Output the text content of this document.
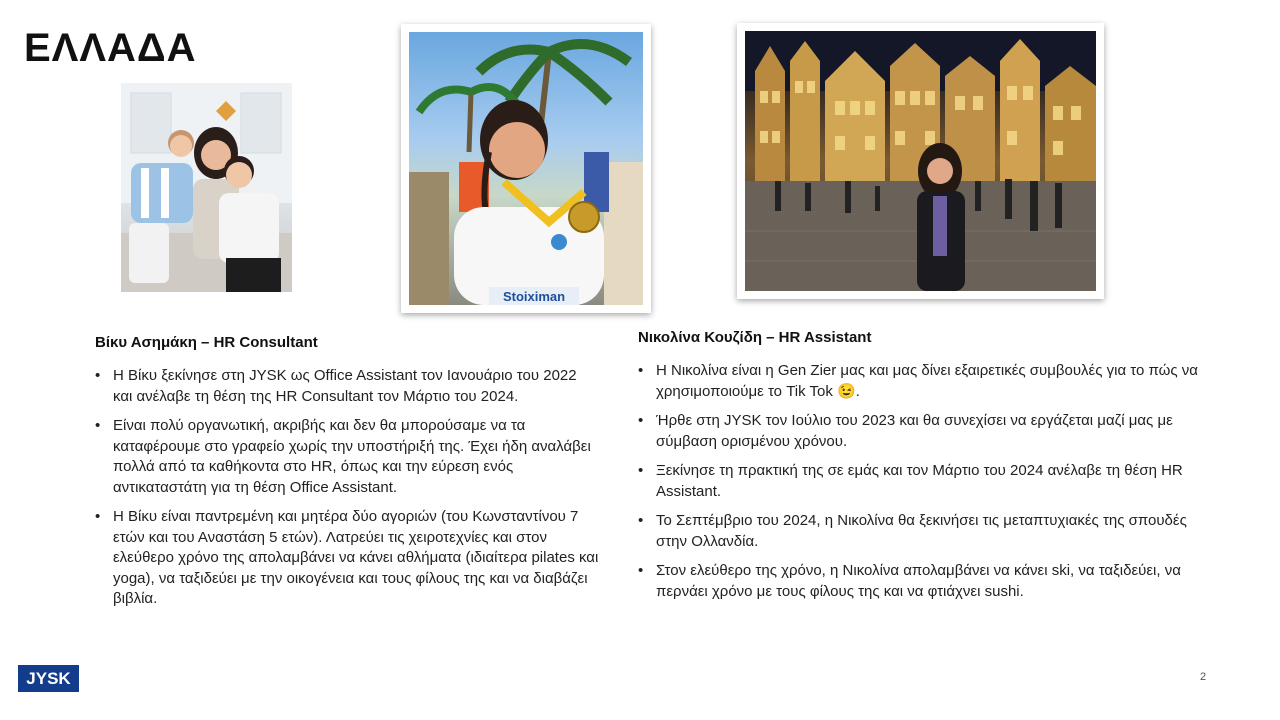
ΕΛΛΑΔΑ
Stoiximan
Βίκυ Ασημάκη – HR Consultant
• Η Βίκυ ξεκίνησε στη JYSK ως Office Assistant τον Ιανουάριο του 2022 και ανέλαβε τη θέση της HR Consultant τον Μάρτιο του 2024.
• Είναι πολύ οργανωτική, ακριβής και δεν θα μπορούσαμε να τα καταφέρουμε στο γραφείο χωρίς την υποστήριξή της. Έχει ήδη αναλάβει πολλά από τα καθήκοντα στο HR, όπως και την εύρεση ενός αντικαταστάτη για τη θέση Office Assistant.
• Η Βίκυ είναι παντρεμένη και μητέρα δύο αγοριών (του Κωνσταντίνου 7 ετών και του Αναστάση 5 ετών). Λατρεύει τις χειροτεχνίες και στον ελεύθερο χρόνο της απολαμβάνει να κάνει αθλήματα (ιδιαίτερα pilates και yoga), να ταξιδεύει με την οικογένεια και τους φίλους της και να διαβάζει βιβλία.
Νικολίνα Κουζίδη – HR Assistant
• Η Νικολίνα είναι η Gen Zier μας και μας δίνει εξαιρετικές συμβουλές για το πώς να χρησιμοποιούμε το Tik Tok 😉.
• Ήρθε στη JYSK τον Ιούλιο του 2023 και θα συνεχίσει να εργάζεται μαζί μας με σύμβαση ορισμένου χρόνου.
• Ξεκίνησε τη πρακτική της σε εμάς και τον Μάρτιο του 2024 ανέλαβε τη θέση HR Assistant.
• Το Σεπτέμβριο του 2024, η Νικολίνα θα ξεκινήσει τις μεταπτυχιακές της σπουδές στην Ολλανδία.
• Στον ελεύθερο της χρόνο, η Νικολίνα απολαμβάνει να κάνει ski, να ταξιδεύει, να περνάει χρόνο με τους φίλους της και να φτιάχνει sushi.
JYSK	2
